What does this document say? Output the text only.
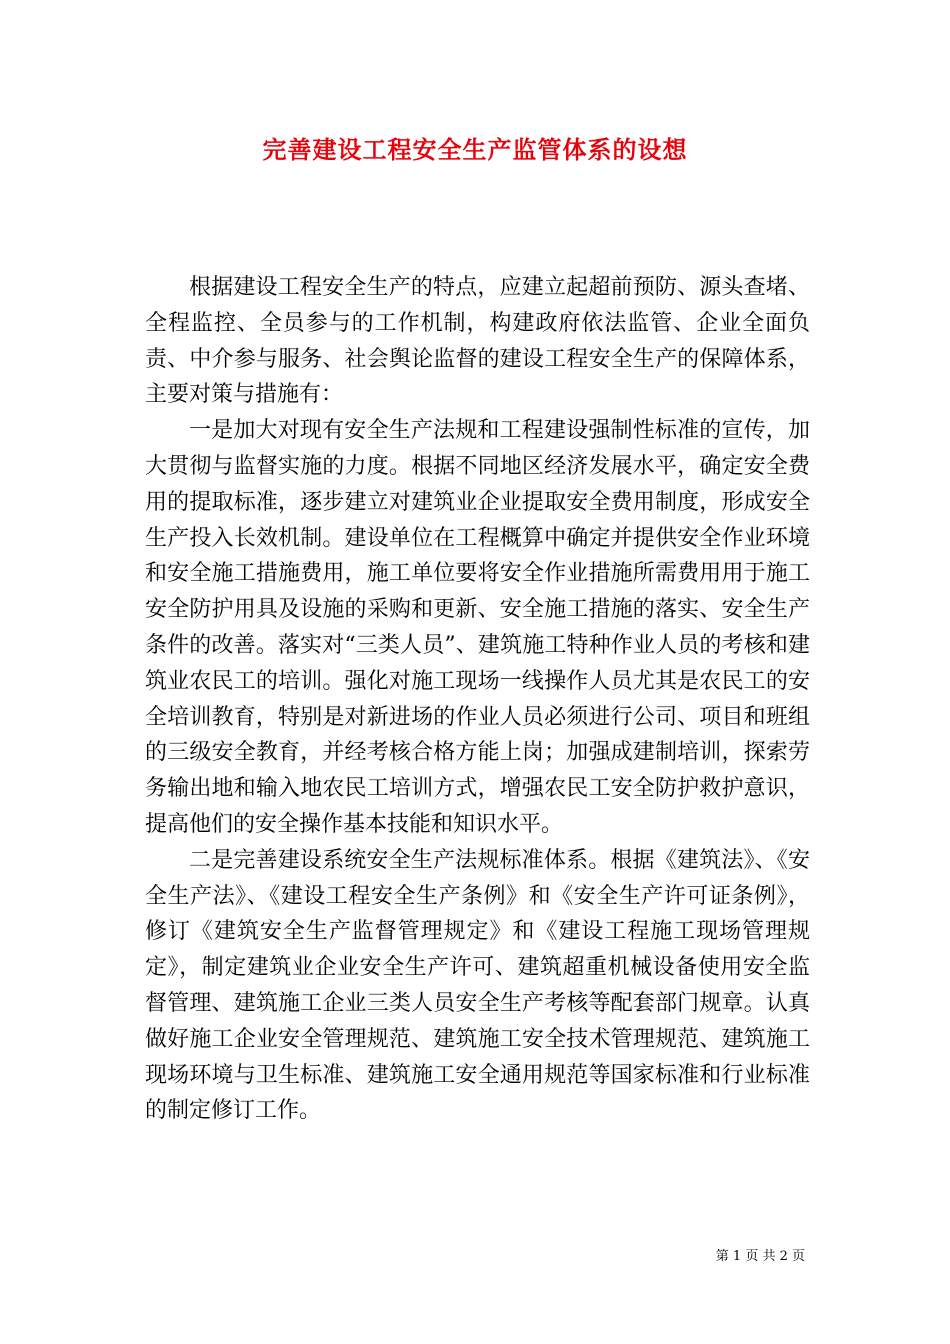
完善建设工程安全生产监管体系的设想

根据建设工程安全生产的特点，应建立起超前预防、源头查堵、全程监控、全员参与的工作机制，构建政府依法监管、企业全面负责、中介参与服务、社会舆论监督的建设工程安全生产的保障体系，主要对策与措施有：

一是加大对现有安全生产法规和工程建设强制性标准的宣传，加大贯彻与监督实施的力度。根据不同地区经济发展水平，确定安全费用的提取标准，逐步建立对建筑业企业提取安全费用制度，形成安全生产投入长效机制。建设单位在工程概算中确定并提供安全作业环境和安全施工措施费用，施工单位要将安全作业措施所需费用用于施工安全防护用具及设施的采购和更新、安全施工措施的落实、安全生产条件的改善。落实对“三类人员”、建筑施工特种作业人员的考核和建筑业农民工的培训。强化对施工现场一线操作人员尤其是农民工的安全培训教育，特别是对新进场的作业人员必须进行公司、项目和班组的三级安全教育，并经考核合格方能上岗；加强成建制培训，探索劳务输出地和输入地农民工培训方式，增强农民工安全防护救护意识，提高他们的安全操作基本技能和知识水平。

二是完善建设系统安全生产法规标准体系。根据《建筑法》、《安全生产法》、《建设工程安全生产条例》和《安全生产许可证条例》，修订《建筑安全生产监督管理规定》和《建设工程施工现场管理规定》，制定建筑业企业安全生产许可、建筑超重机械设备使用安全监督管理、建筑施工企业三类人员安全生产考核等配套部门规章。认真做好施工企业安全管理规范、建筑施工安全技术管理规范、建筑施工现场环境与卫生标准、建筑施工安全通用规范等国家标准和行业标准的制定修订工作。

第 1 页 共 2 页
